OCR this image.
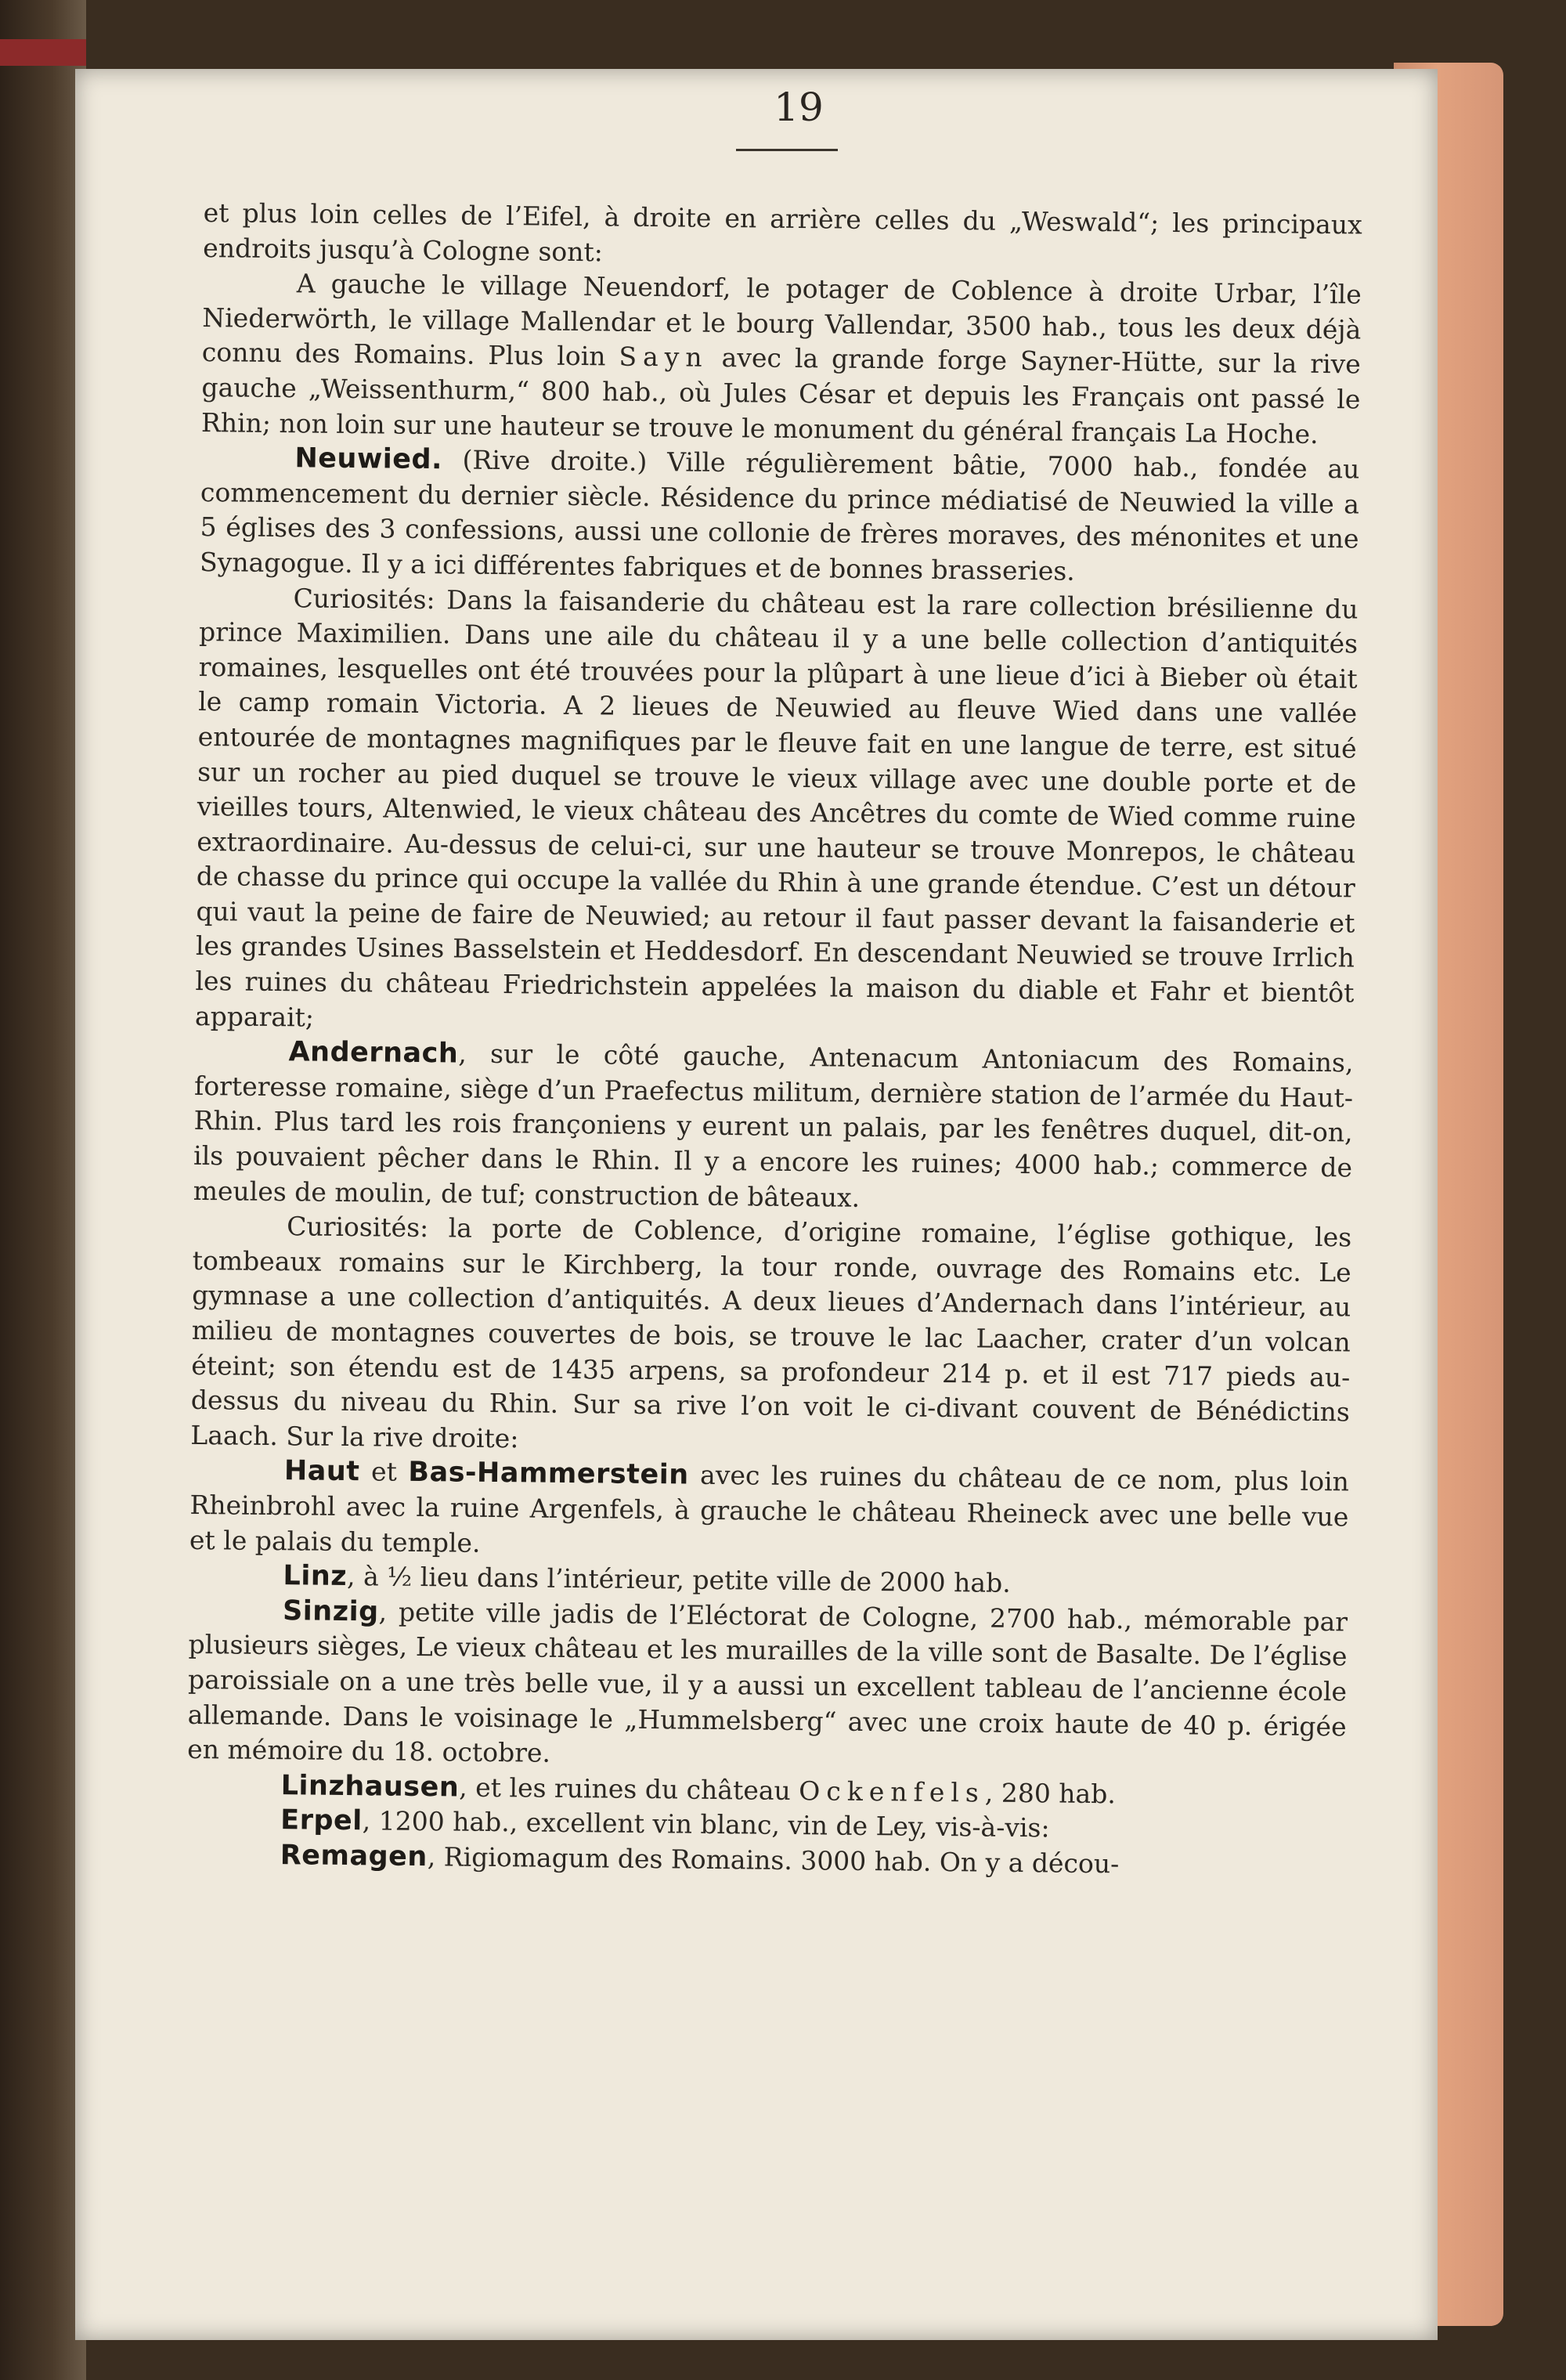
19

et plus loin celles de l’Eifel, à droite en arrière celles du „Weswald“; les principaux endroits jusqu’à Cologne sont:

A gauche le village Neuendorf, le potager de Coblence à droite Urbar, l’île Niederwörth, le village Mallendar et le bourg Vallendar, 3500 hab., tous les deux déjà connu des Romains. Plus loin Sayn avec la grande forge Sayner-Hütte, sur la rive gauche „Weissenthurm,“ 800 hab., où Jules César et depuis les Français ont passé le Rhin; non loin sur une hauteur se trouve le monument du général français La Hoche.

Neuwied. (Rive droite.) Ville régulièrement bâtie, 7000 hab., fondée au commencement du dernier siècle. Résidence du prince médiatisé de Neuwied la ville a 5 églises des 3 confessions, aussi une collonie de frères moraves, des ménonites et une Synagogue. Il y a ici différentes fabriques et de bonnes brasseries.

Curiosités: Dans la faisanderie du château est la rare collection brésilienne du prince Maximilien. Dans une aile du château il y a une belle collection d’antiquités romaines, lesquelles ont été trouvées pour la plûpart à une lieue d’ici à Bieber où était le camp romain Victoria. A 2 lieues de Neuwied au fleuve Wied dans une vallée entourée de montagnes magnifiques par le fleuve fait en une langue de terre, est situé sur un rocher au pied duquel se trouve le vieux village avec une double porte et de vieilles tours, Altenwied, le vieux château des Ancêtres du comte de Wied comme ruine extraordinaire. Au-dessus de celui-ci, sur une hauteur se trouve Monrepos, le château de chasse du prince qui occupe la vallée du Rhin à une grande étendue. C’est un détour qui vaut la peine de faire de Neuwied; au retour il faut passer devant la faisanderie et les grandes Usines Basselstein et Heddesdorf. En descendant Neuwied se trouve Irrlich les ruines du château Friedrichstein appelées la maison du diable et Fahr et bientôt apparait;

Andernach, sur le côté gauche, Antenacum Antoniacum des Romains, forteresse romaine, siège d’un Praefectus militum, dernière station de l’armée du Haut-Rhin. Plus tard les rois françoniens y eurent un palais, par les fenêtres duquel, dit-on, ils pouvaient pêcher dans le Rhin. Il y a encore les ruines; 4000 hab.; commerce de meules de moulin, de tuf; construction de bâteaux.

Curiosités: la porte de Coblence, d’origine romaine, l’église gothique, les tombeaux romains sur le Kirchberg, la tour ronde, ouvrage des Romains etc. Le gymnase a une collection d’antiquités. A deux lieues d’Andernach dans l’intérieur, au milieu de montagnes couvertes de bois, se trouve le lac Laacher, crater d’un volcan éteint; son étendu est de 1435 arpens, sa profondeur 214 p. et il est 717 pieds au-dessus du niveau du Rhin. Sur sa rive l’on voit le ci-divant couvent de Bénédictins Laach. Sur la rive droite:

Haut et Bas-Hammerstein avec les ruines du château de ce nom, plus loin Rheinbrohl avec la ruine Argenfels, à grauche le château Rheineck avec une belle vue et le palais du temple.

Linz, à ½ lieu dans l’intérieur, petite ville de 2000 hab.

Sinzig, petite ville jadis de l’Eléctorat de Cologne, 2700 hab., mémorable par plusieurs sièges, Le vieux château et les murailles de la ville sont de Basalte. De l’église paroissiale on a une très belle vue, il y a aussi un excellent tableau de l’ancienne école allemande. Dans le voisinage le „Hummelsberg“ avec une croix haute de 40 p. érigée en mémoire du 18. octobre.

Linzhausen, et les ruines du château Ockenfels, 280 hab.

Erpel, 1200 hab., excellent vin blanc, vin de Ley, vis-à-vis:

Remagen, Rigiomagum des Romains. 3000 hab. On y a décou-
